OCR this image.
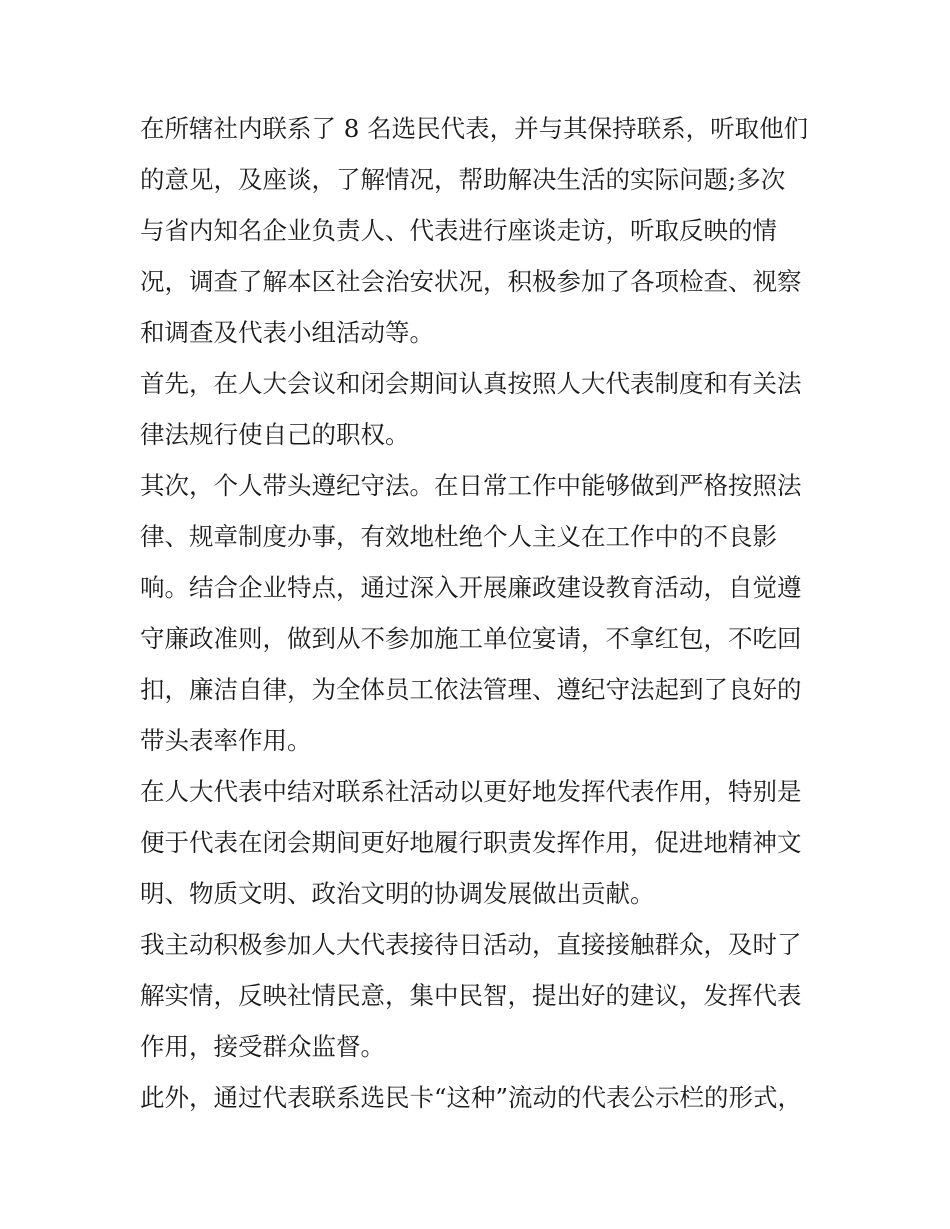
在所辖社内联系了 8 名选民代表，并与其保持联系，听取他们
的意见，及座谈，了解情况，帮助解决生活的实际问题;多次
与省内知名企业负责人、代表进行座谈走访，听取反映的情
况，调查了解本区社会治安状况，积极参加了各项检查、视察
和调查及代表小组活动等。
首先，在人大会议和闭会期间认真按照人大代表制度和有关法
律法规行使自己的职权。
其次，个人带头遵纪守法。在日常工作中能够做到严格按照法
律、规章制度办事，有效地杜绝个人主义在工作中的不良影
响。结合企业特点，通过深入开展廉政建设教育活动，自觉遵
守廉政准则，做到从不参加施工单位宴请，不拿红包，不吃回
扣，廉洁自律，为全体员工依法管理、遵纪守法起到了良好的
带头表率作用。
在人大代表中结对联系社活动以更好地发挥代表作用，特别是
便于代表在闭会期间更好地履行职责发挥作用，促进地精神文
明、物质文明、政治文明的协调发展做出贡献。
我主动积极参加人大代表接待日活动，直接接触群众，及时了
解实情，反映社情民意，集中民智，提出好的建议，发挥代表
作用，接受群众监督。
此外，通过代表联系选民卡“这种”流动的代表公示栏的形式，
